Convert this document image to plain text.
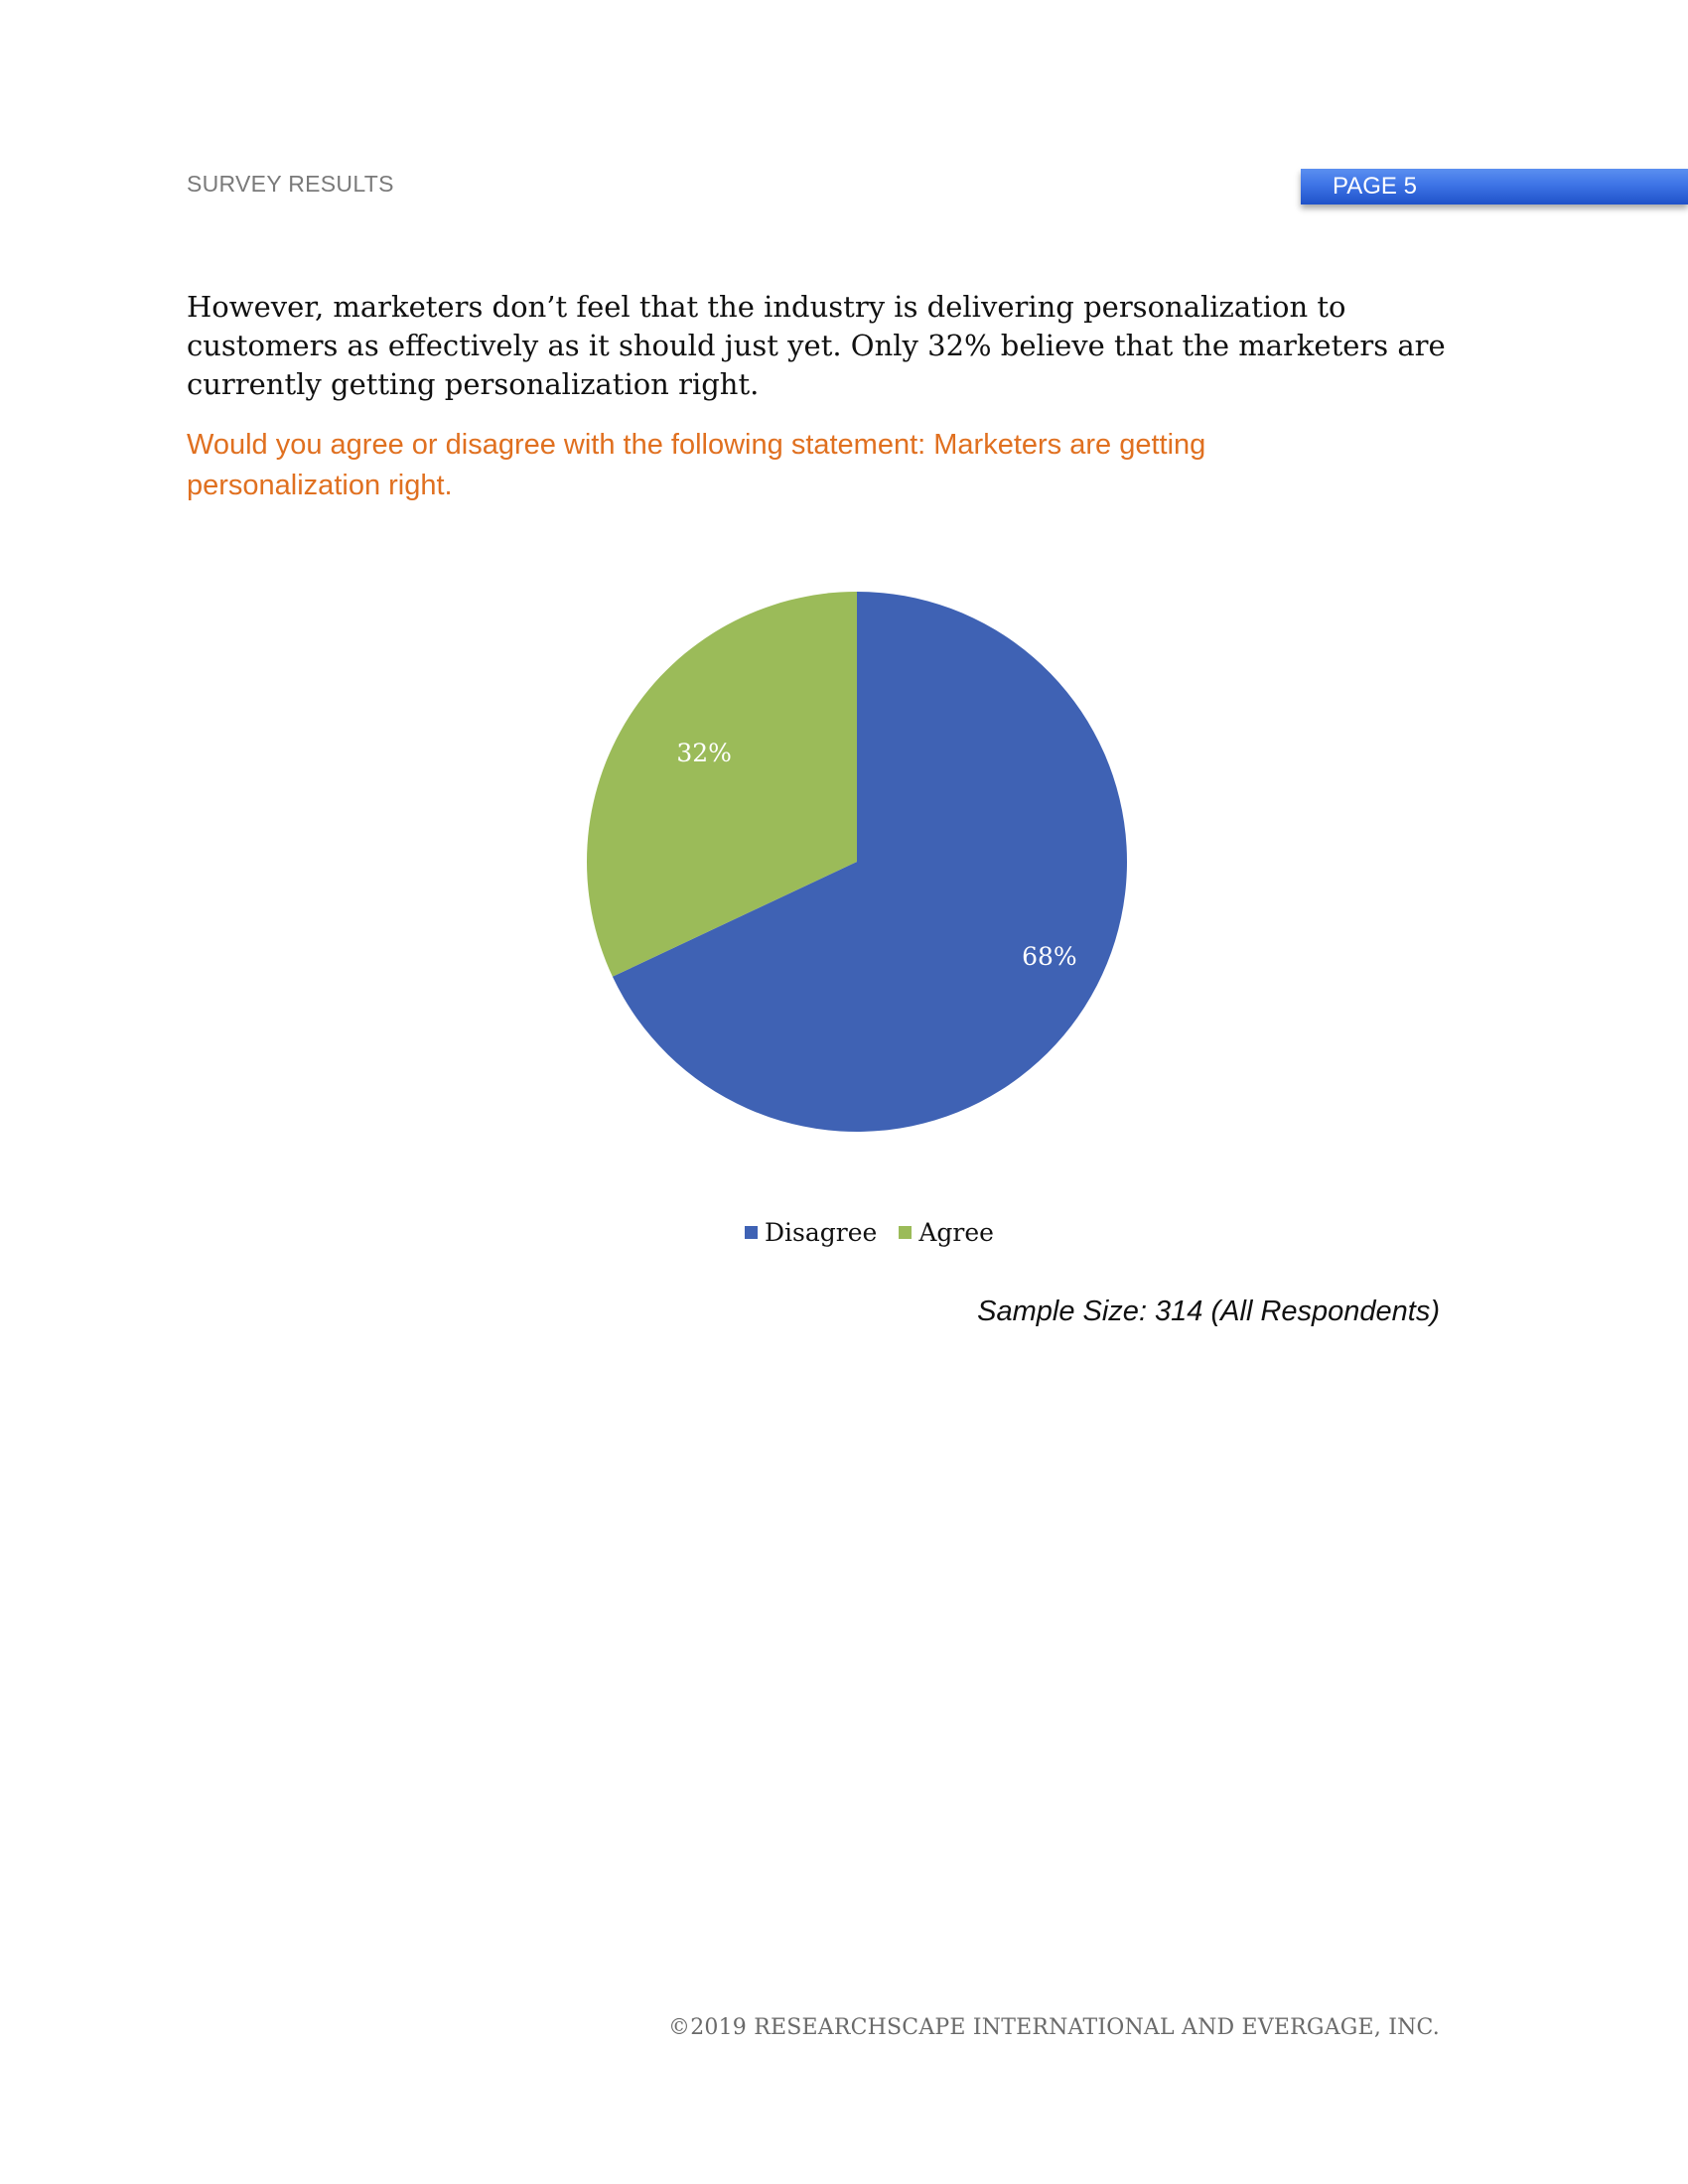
SURVEY RESULTS	PAGE 5
However, marketers don’t feel that the industry is delivering personalization to customers as effectively as it should just yet. Only 32% believe that the marketers are currently getting personalization right.
Would you agree or disagree with the following statement: Marketers are getting personalization right.
68%
32%
Disagree Agree
Sample Size: 314 (All Respondents)
©2019 RESEARCHSCAPE INTERNATIONAL AND EVERGAGE, INC.
